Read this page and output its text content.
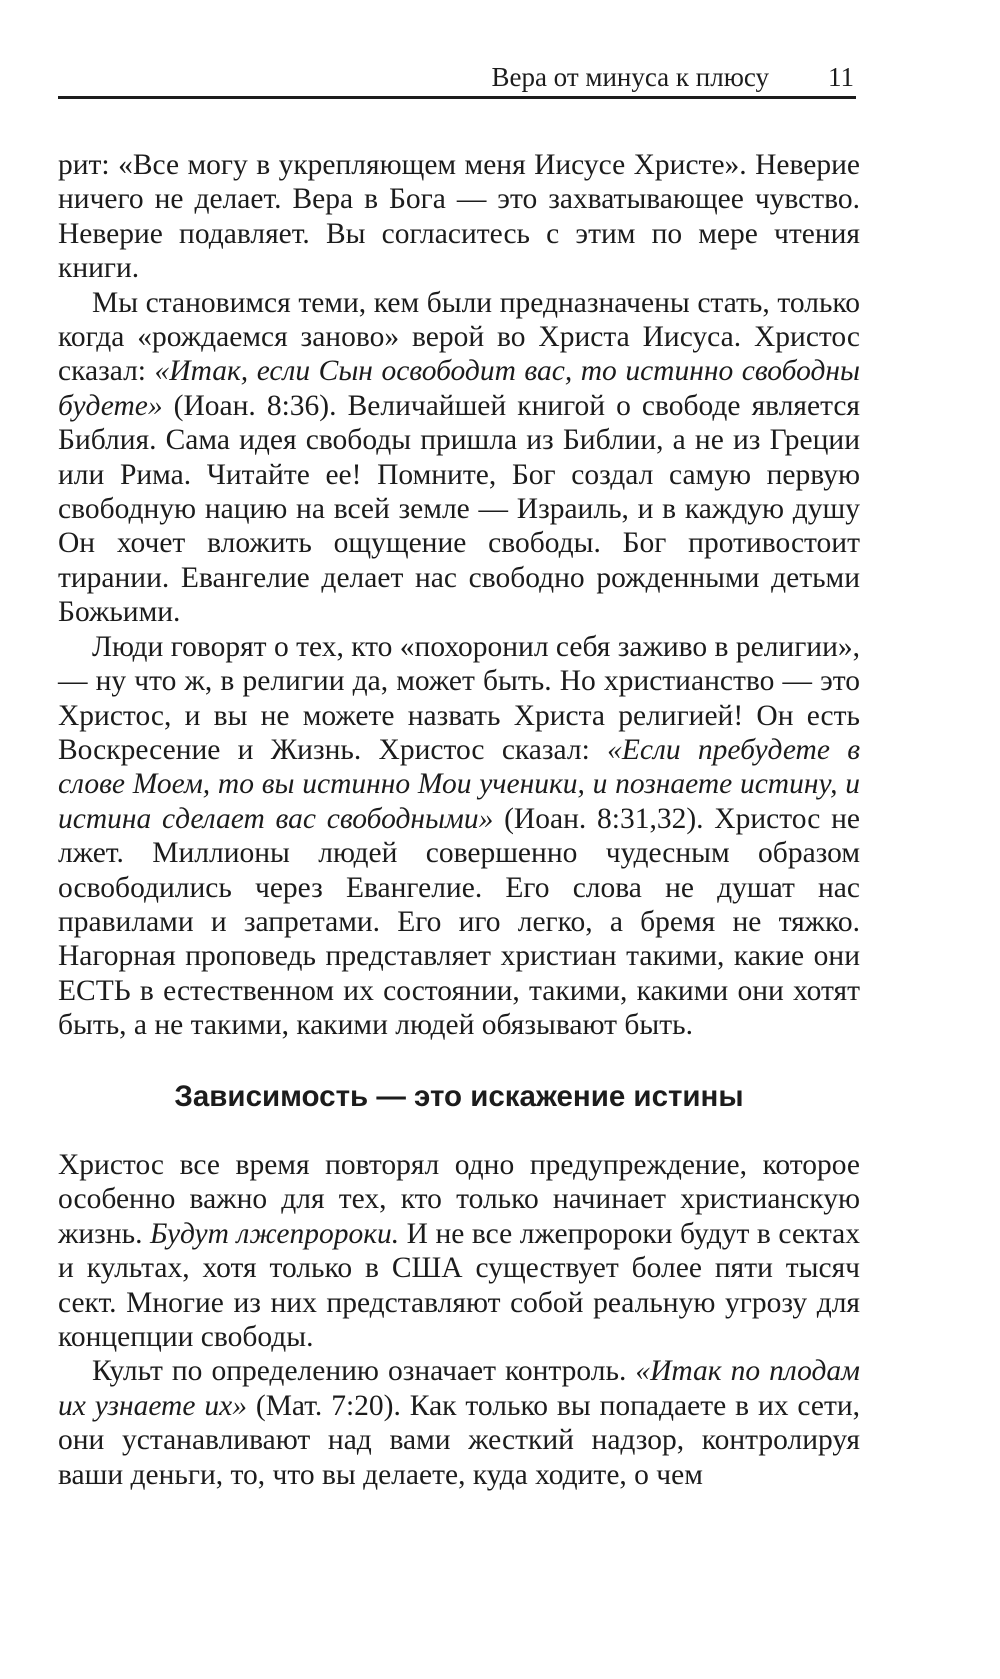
Вера от минуса к плюсу 11

рит: «Все могу в укрепляющем меня Иисусе Христе». Неверие ничего не делает. Вера в Бога — это захватывающее чувство. Неверие подавляет. Вы согласитесь с этим по мере чтения книги.

Мы становимся теми, кем были предназначены стать, только когда «рождаемся заново» верой во Христа Иисуса. Христос сказал: «Итак, если Сын освободит вас, то истинно свободны будете» (Иоан. 8:36). Величайшей книгой о свободе является Библия. Сама идея свободы пришла из Библии, а не из Греции или Рима. Читайте ее! Помните, Бог создал самую первую свободную нацию на всей земле — Израиль, и в каждую душу Он хочет вложить ощущение свободы. Бог противостоит тирании. Евангелие делает нас свободно рожденными детьми Божьими.

Люди говорят о тех, кто «похоронил себя заживо в религии», — ну что ж, в религии да, может быть. Но христианство — это Христос, и вы не можете назвать Христа религией! Он есть Воскресение и Жизнь. Христос сказал: «Если пребудете в слове Моем, то вы истинно Мои ученики, и познаете истину, и истина сделает вас свободными» (Иоан. 8:31,32). Христос не лжет. Миллионы людей совершенно чудесным образом освободились через Евангелие. Его слова не душат нас правилами и запретами. Его иго легко, а бремя не тяжко. Нагорная проповедь представляет христиан такими, какие они ЕСТЬ в естественном их состоянии, такими, какими они хотят быть, а не такими, какими людей обязывают быть.

Зависимость — это искажение истины

Христос все время повторял одно предупреждение, которое особенно важно для тех, кто только начинает христианскую жизнь. Будут лжепророки. И не все лжепророки будут в сектах и культах, хотя только в США существует более пяти тысяч сект. Многие из них представляют собой реальную угрозу для концепции свободы.

Культ по определению означает контроль. «Итак по плодам их узнаете их» (Мат. 7:20). Как только вы попадаете в их сети, они устанавливают над вами жесткий надзор, контролируя ваши деньги, то, что вы делаете, куда ходите, о чем
